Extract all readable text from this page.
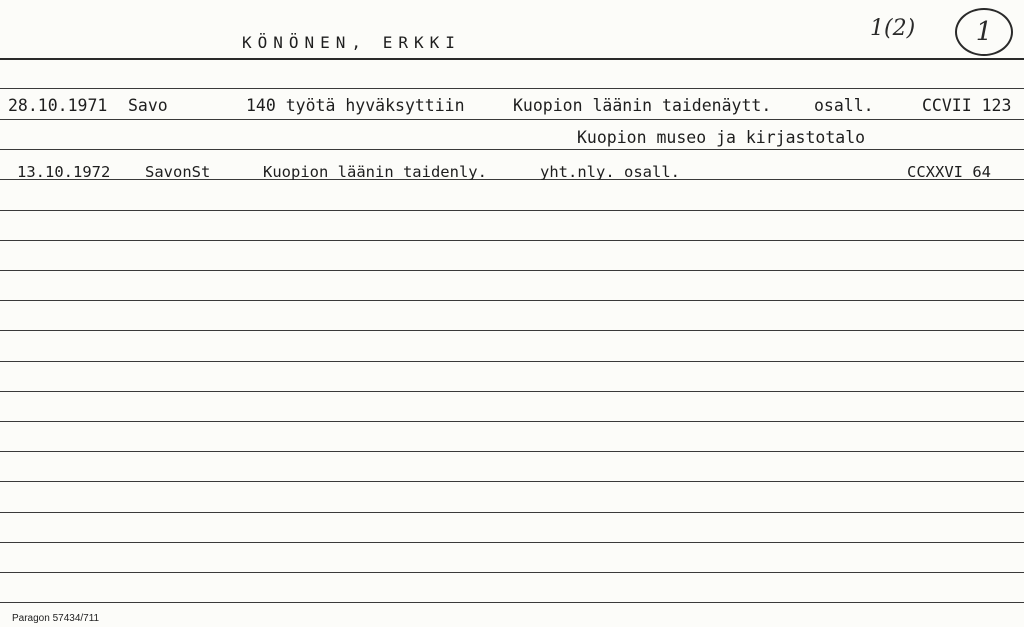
KÖNÖNEN, ERKKI
1(2) 1
28.10.1971 Savo	140 työtä hyväksyttiin	Kuopion läänin taidenäytt.	osall.	CCVII 123
Kuopion museo ja kirjastotalo
13.10.1972 SavonSt	Kuopion läänin taidenly.	yht.nly. osall.	CCXXVI 64
Paragon 57434/711
